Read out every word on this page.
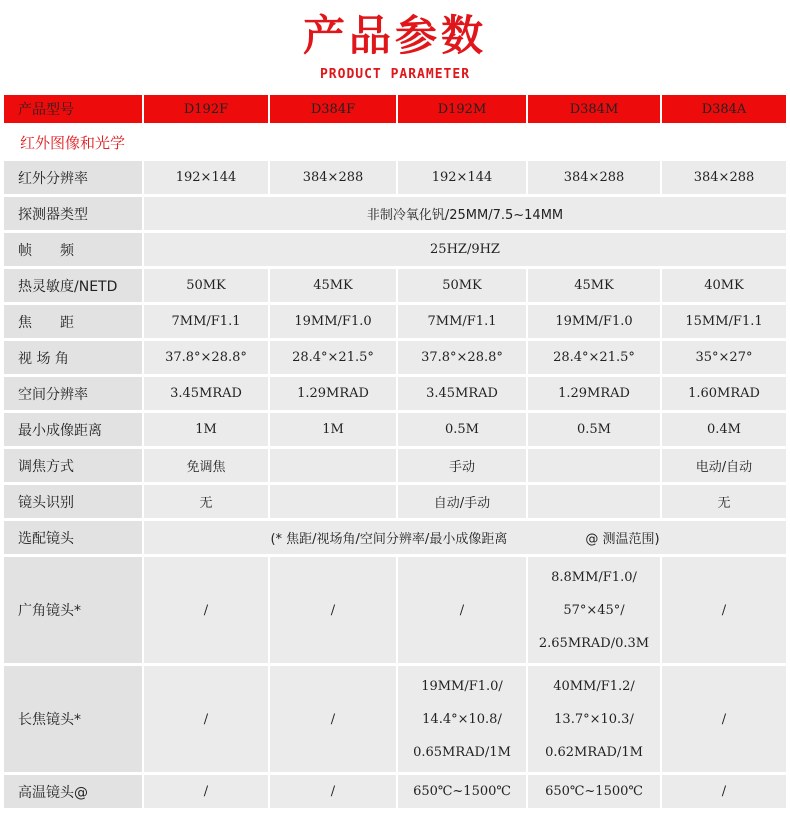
产品参数
PRODUCT PARAMETER
产品型号	D192F	D384F	D192M	D384M	D384A
红外图像和光学					
红外分辨率	192×144	384×288	192×144	384×288	384×288
探测器类型	非制冷氧化钒/25MM/7.5~14MM				
帧　　频	25HZ/9HZ				
热灵敏度/NETD	50MK	45MK	50MK	45MK	40MK
焦　　距	7MM/F1.1	19MM/F1.0	7MM/F1.1	19MM/F1.0	15MM/F1.1
视 场 角	37.8°×28.8°	28.4°×21.5°	37.8°×28.8°	28.4°×21.5°	35°×27°
空间分辨率	3.45MRAD	1.29MRAD	3.45MRAD	1.29MRAD	1.60MRAD
最小成像距离	1M	1M	0.5M	0.5M	0.4M
调焦方式	免调焦		手动		电动/自动
镜头识别	无		自动/手动		无
选配镜头	(* 焦距/视场角/空间分辨率/最小成像距离　　　　　　@ 测温范围)				
广角镜头*	/	/	/	8.8MM/F1.0/
57°×45°/
2.65MRAD/0.3M	/
长焦镜头*	/	/	19MM/F1.0/
14.4°×10.8/
0.65MRAD/1M	40MM/F1.2/
13.7°×10.3/
0.62MRAD/1M	/
高温镜头@	/	/	650℃~1500℃	650℃~1500℃	/
